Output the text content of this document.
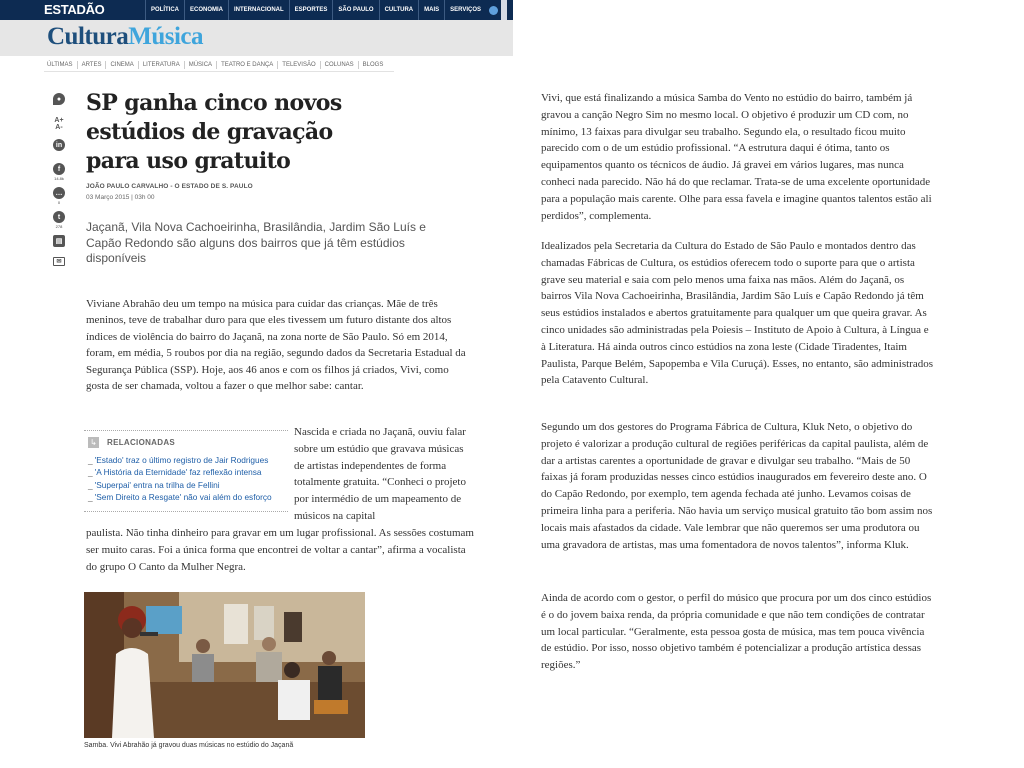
ESTADÃO	POLÍTICA	ECONOMIA	INTERNACIONAL	ESPORTES	SÃO PAULO	CULTURA	MAIS	SERVIÇOS
CulturaMúsica
ÚLTIMAS	ARTES	CINEMA	LITERATURA	MÚSICA	TEATRO E DANÇA	TELEVISÃO	COLUNAS	BLOGS
●
A+
A-
in
f
14.8k
…
0
t
278
▤
✉
SP ganha cinco novos estúdios de gravação para uso gratuito
JOÃO PAULO CARVALHO - O ESTADO DE S. PAULO
03 Março 2015 | 03h 00

Jaçanã, Vila Nova Cachoeirinha, Brasilândia, Jardim São Luís e Capão Redondo são alguns dos bairros que já têm estúdios disponíveis

Viviane Abrahão deu um tempo na música para cuidar das crianças. Mãe de três meninos, teve de trabalhar duro para que eles tivessem um futuro distante dos altos índices de violência do bairro do Jaçanã, na zona norte de São Paulo. Só em 2014, foram, em média, 5 roubos por dia na região, segundo dados da Secretaria Estadual da Segurança Pública (SSP). Hoje, aos 46 anos e com os filhos já criados, Vivi, como gosta de ser chamada, voltou a fazer o que melhor sabe: cantar.

↳ RELACIONADAS
_ 'Estado' traz o último registro de Jair Rodrigues
_ 'A História da Eternidade' faz reflexão intensa
_ 'Superpai' entra na trilha de Fellini
_ 'Sem Direito a Resgate' não vai além do esforço

Nascida e criada no Jaçanã, ouviu falar sobre um estúdio que gravava músicas de artistas independentes de forma totalmente gratuita. “Conheci o projeto por intermédio de um mapeamento de músicos na capital

paulista. Não tinha dinheiro para gravar em um lugar profissional. As sessões costumam ser muito caras. Foi a única forma que encontrei de voltar a cantar”, afirma a vocalista do grupo O Canto da Mulher Negra.

Samba. Vivi Abrahão já gravou duas músicas no estúdio do Jaçanã

Vivi, que está finalizando a música Samba do Vento no estúdio do bairro, também já gravou a canção Negro Sim no mesmo local. O objetivo é produzir um CD com, no mínimo, 13 faixas para divulgar seu trabalho. Segundo ela, o resultado ficou muito parecido com o de um estúdio profissional. “A estrutura daqui é ótima, tanto os equipamentos quanto os técnicos de áudio. Já gravei em vários lugares, mas nunca conheci nada parecido. Não há do que reclamar. Trata-se de uma excelente oportunidade para a população mais carente. Olhe para essa favela e imagine quantos talentos estão ali perdidos”, complementa.

Idealizados pela Secretaria da Cultura do Estado de São Paulo e montados dentro das chamadas Fábricas de Cultura, os estúdios oferecem todo o suporte para que o artista grave seu material e saia com pelo menos uma faixa nas mãos. Além do Jaçanã, os bairros Vila Nova Cachoeirinha, Brasilândia, Jardim São Luís e Capão Redondo já têm seus estúdios instalados e abertos gratuitamente para qualquer um que queira gravar. As cinco unidades são administradas pela Poiesis – Instituto de Apoio à Cultura, à Língua e à Literatura. Há ainda outros cinco estúdios na zona leste (Cidade Tiradentes, Itaim Paulista, Parque Belém, Sapopemba e Vila Curuçá). Esses, no entanto, são administrados pela Catavento Cultural.

Segundo um dos gestores do Programa Fábrica de Cultura, Kluk Neto, o objetivo do projeto é valorizar a produção cultural de regiões periféricas da capital paulista, além de dar a artistas carentes a oportunidade de gravar e divulgar seu trabalho. “Mais de 50 faixas já foram produzidas nesses cinco estúdios inaugurados em fevereiro deste ano. O do Capão Redondo, por exemplo, tem agenda fechada até junho. Levamos coisas de primeira linha para a periferia. Não havia um serviço musical gratuito tão bom assim nos locais mais afastados da cidade. Vale lembrar que não queremos ser uma produtora ou uma gravadora de artistas, mas uma fomentadora de novos talentos”, informa Kluk.

Ainda de acordo com o gestor, o perfil do músico que procura por um dos cinco estúdios é o do jovem baixa renda, da própria comunidade e que não tem condições de contratar um local particular. “Geralmente, esta pessoa gosta de música, mas tem pouca vivência de estúdio. Por isso, nosso objetivo também é potencializar a produção artística dessas regiões.”
